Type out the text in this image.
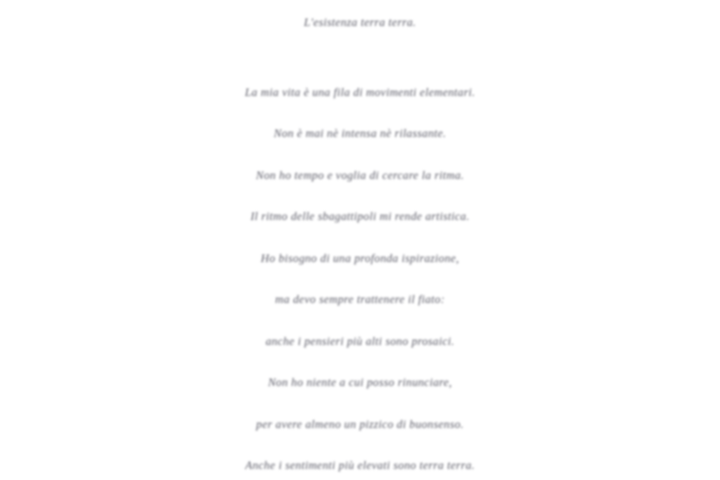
L'esistenza terra terra.
La mia vita è una fila di movimenti elementari.
Non è mai nè intensa nè rilassante.
Non ho tempo e voglia di cercare la ritma.
Il ritmo delle sbagattipoli mi rende artistica.
Ho bisogno di una profonda ispirazione,
ma devo sempre trattenere il fiato:
anche i pensieri più alti sono prosaici.
Non ho niente a cui posso rinunciare,
per avere almeno un pizzico di buonsenso.
Anche i sentimenti più elevati sono terra terra.
